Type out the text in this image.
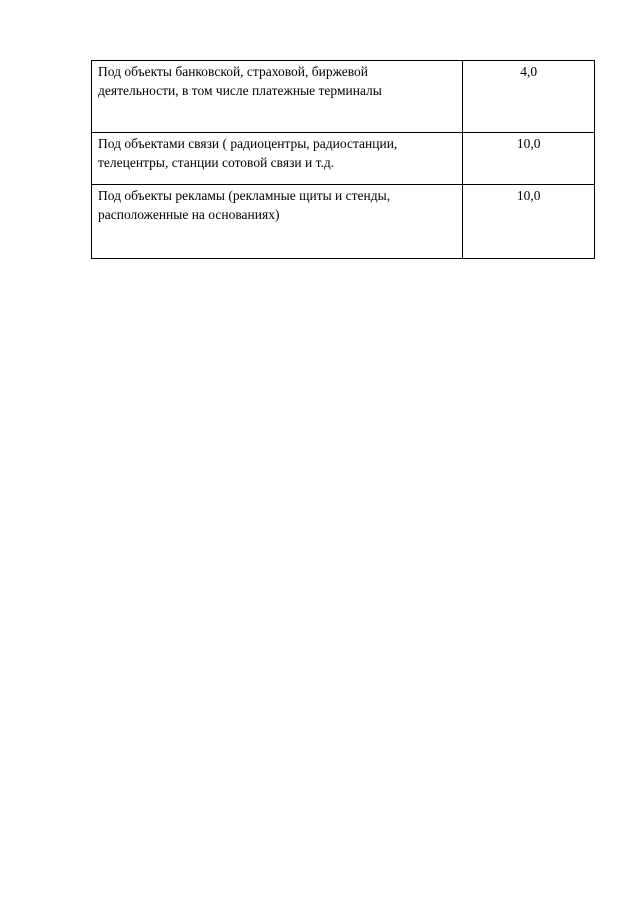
Под объекты банковской, страховой, биржевой
деятельности, в том числе платежные терминалы	4,0
Под объектами связи ( радиоцентры, радиостанции,
телецентры, станции сотовой связи и т.д.	10,0
Под объекты рекламы (рекламные щиты и стенды,
расположенные на основаниях)	10,0
